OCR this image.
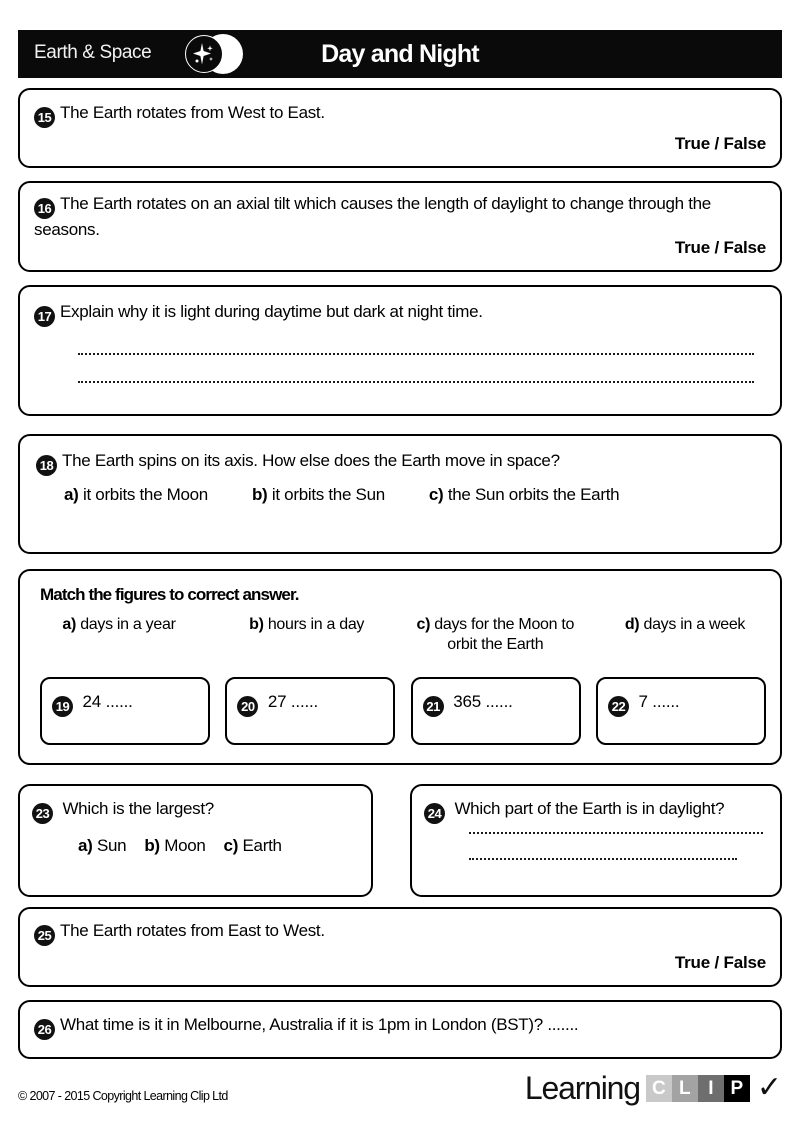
Earth & Space	Day and Night
15 The Earth rotates from West to East.
True / False
16 The Earth rotates on an axial tilt which causes the length of daylight to change through the seasons.
True / False
17 Explain why it is light during daytime but dark at night time.
18 The Earth spins on its axis. How else does the Earth move in space?
a) it orbits the Moon	b) it orbits the Sun	c) the Sun orbits the Earth
Match the figures to correct answer.
a) days in a year	b) hours in a day	c) days for the Moon to orbit the Earth
d) days in a week
19 24 ......	20 27 ......	21 365 ......	22 7 ......
23 Which is the largest?
a) Sun b) Moon c) Earth
24 Which part of the Earth is in daylight?
25 The Earth rotates from East to West.
True / False
26 What time is it in Melbourne, Australia if it is 1pm in London (BST)? .......
© 2007 - 2015 Copyright Learning Clip Ltd	Learning C L I P ✓
